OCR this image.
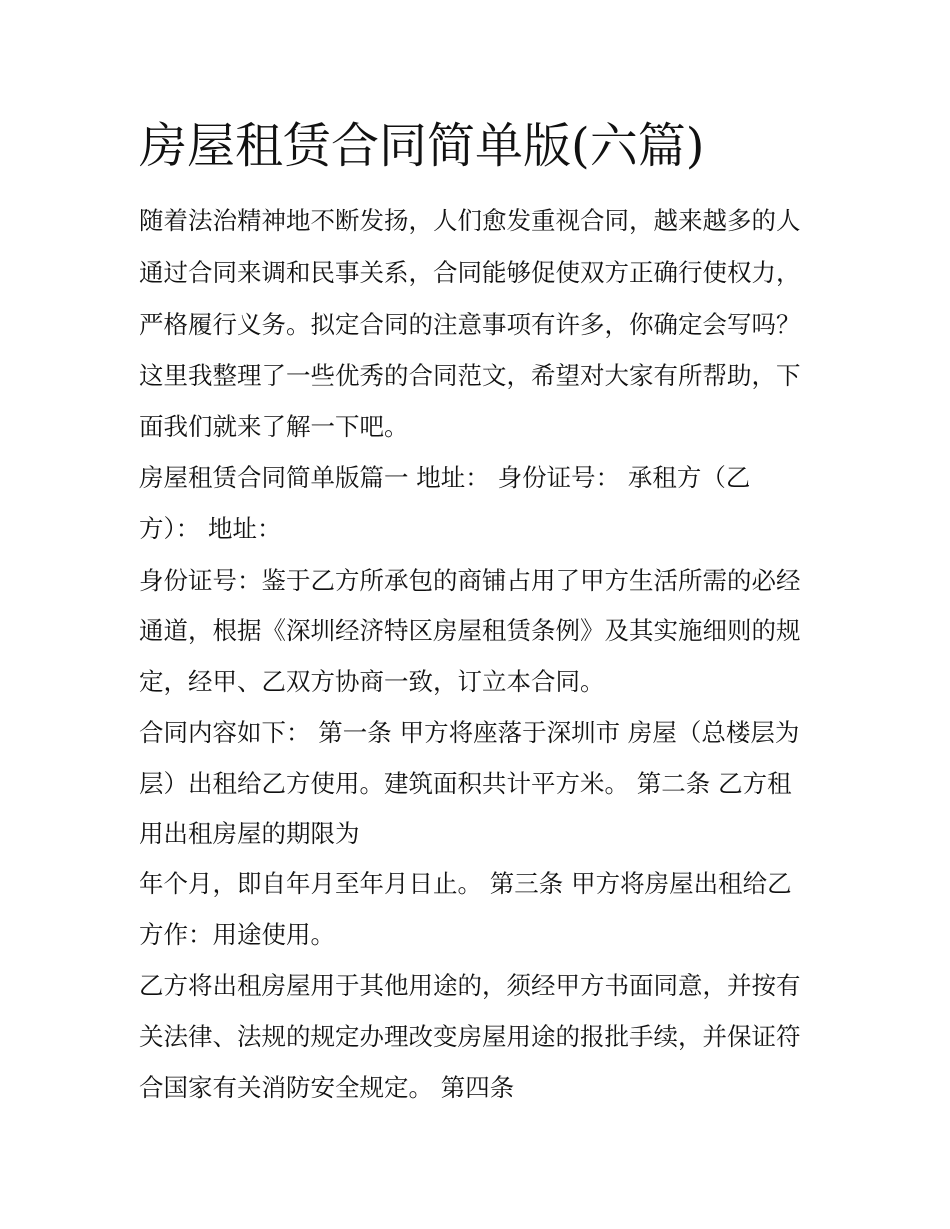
房屋租赁合同简单版(六篇)

随着法治精神地不断发扬，人们愈发重视合同，越来越多的人

通过合同来调和民事关系，合同能够促使双方正确行使权力，

严格履行义务。拟定合同的注意事项有许多，你确定会写吗？

这里我整理了一些优秀的合同范文，希望对大家有所帮助，下

面我们就来了解一下吧。

房屋租赁合同简单版篇一 地址： 身份证号： 承租方（乙

方）： 地址：

身份证号：鉴于乙方所承包的商铺占用了甲方生活所需的必经

通道，根据《深圳经济特区房屋租赁条例》及其实施细则的规

定，经甲、乙双方协商一致，订立本合同。

合同内容如下： 第一条 甲方将座落于深圳市 房屋（总楼层为

层）出租给乙方使用。建筑面积共计平方米。 第二条 乙方租

用出租房屋的期限为

年个月，即自年月至年月日止。 第三条 甲方将房屋出租给乙

方作：用途使用。

乙方将出租房屋用于其他用途的，须经甲方书面同意，并按有

关法律、法规的规定办理改变房屋用途的报批手续，并保证符

合国家有关消防安全规定。 第四条
